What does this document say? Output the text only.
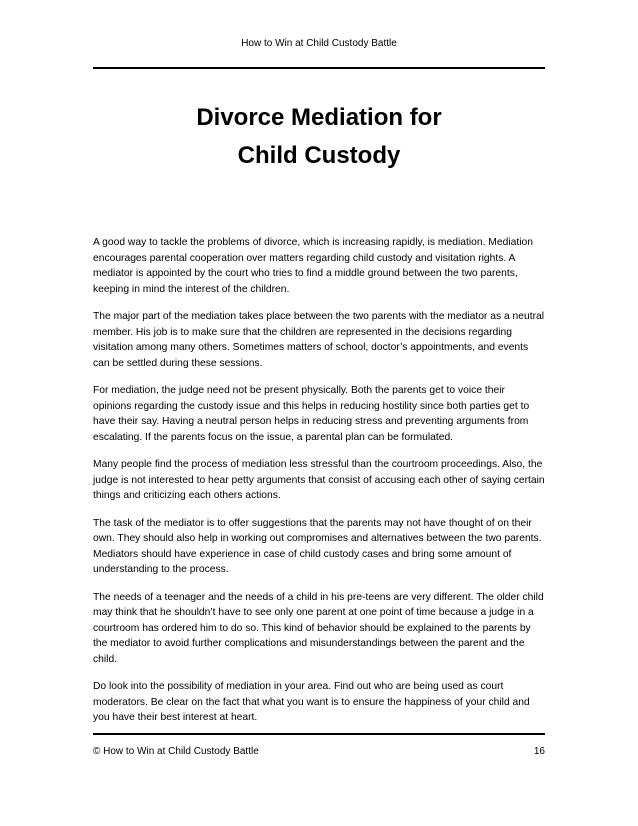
How to Win at Child Custody Battle
Divorce Mediation for
Child Custody

A good way to tackle the problems of divorce, which is increasing rapidly, is mediation. Mediation encourages parental cooperation over matters regarding child custody and visitation rights. A mediator is appointed by the court who tries to find a middle ground between the two parents, keeping in mind the interest of the children.

The major part of the mediation takes place between the two parents with the mediator as a neutral member. His job is to make sure that the children are represented in the decisions regarding visitation among many others. Sometimes matters of school, doctor’s appointments, and events can be settled during these sessions.

For mediation, the judge need not be present physically. Both the parents get to voice their opinions regarding the custody issue and this helps in reducing hostility since both parties get to have their say. Having a neutral person helps in reducing stress and preventing arguments from escalating. If the parents focus on the issue, a parental plan can be formulated.

Many people find the process of mediation less stressful than the courtroom proceedings. Also, the judge is not interested to hear petty arguments that consist of accusing each other of saying certain things and criticizing each others actions.

The task of the mediator is to offer suggestions that the parents may not have thought of on their own. They should also help in working out compromises and alternatives between the two parents. Mediators should have experience in case of child custody cases and bring some amount of understanding to the process.

The needs of a teenager and the needs of a child in his pre-teens are very different. The older child may think that he shouldn’t have to see only one parent at one point of time because a judge in a courtroom has ordered him to do so. This kind of behavior should be explained to the parents by the mediator to avoid further complications and misunderstandings between the parent and the child.

Do look into the possibility of mediation in your area. Find out who are being used as court moderators. Be clear on the fact that what you want is to ensure the happiness of your child and you have their best interest at heart.

© How to Win at Child Custody Battle	16
